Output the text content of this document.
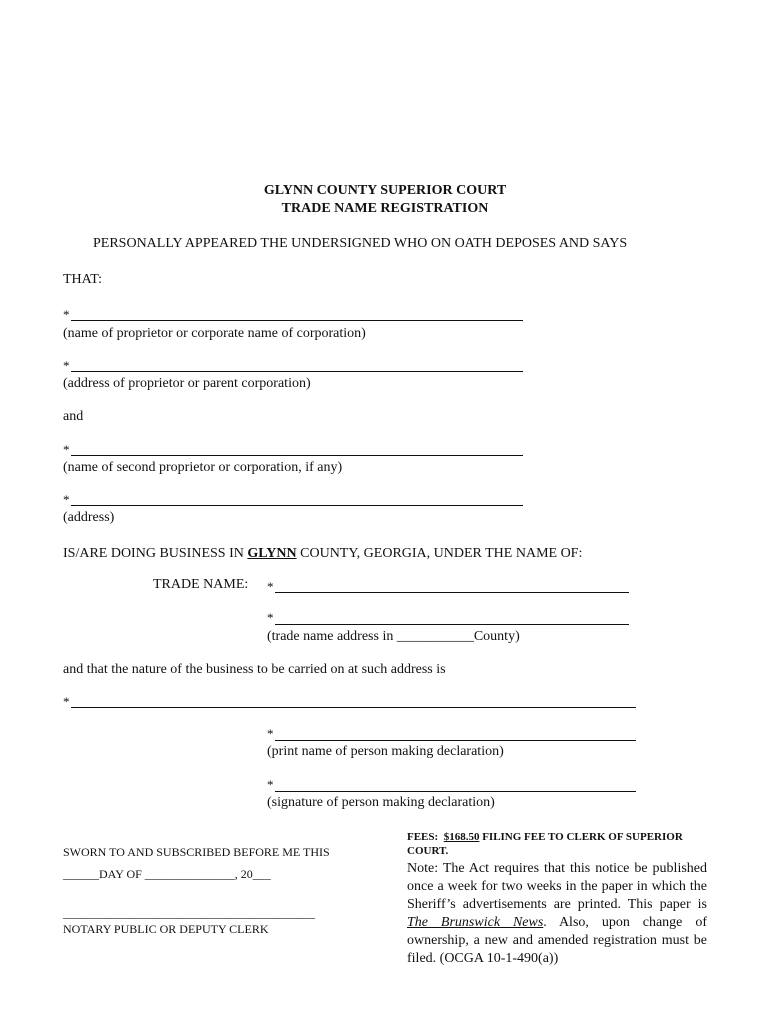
GLYNN COUNTY SUPERIOR COURT
TRADE NAME REGISTRATION
PERSONALLY APPEARED THE UNDERSIGNED WHO ON OATH DEPOSES AND SAYS
THAT:
*
(name of proprietor or corporate name of corporation)
*
(address of proprietor or parent corporation)
and
*
(name of second proprietor or corporation, if any)
*
(address)
IS/ARE DOING BUSINESS IN GLYNN COUNTY, GEORGIA, UNDER THE NAME OF:
TRADE NAME: *
*
(trade name address in ___________County)
and that the nature of the business to be carried on at such address is
*
*
(print name of person making declaration)
*
(signature of person making declaration)
SWORN TO AND SUBSCRIBED BEFORE ME THIS
______DAY OF _______________, 20___
__________________________________________
NOTARY PUBLIC OR DEPUTY CLERK
FEES: $168.50 FILING FEE TO CLERK OF SUPERIOR COURT.
Note: The Act requires that this notice be published once a week for two weeks in the paper in which the Sheriff’s advertisements are printed. This paper is The Brunswick News. Also, upon change of ownership, a new and amended registration must be filed. (OCGA 10-1-490(a))
